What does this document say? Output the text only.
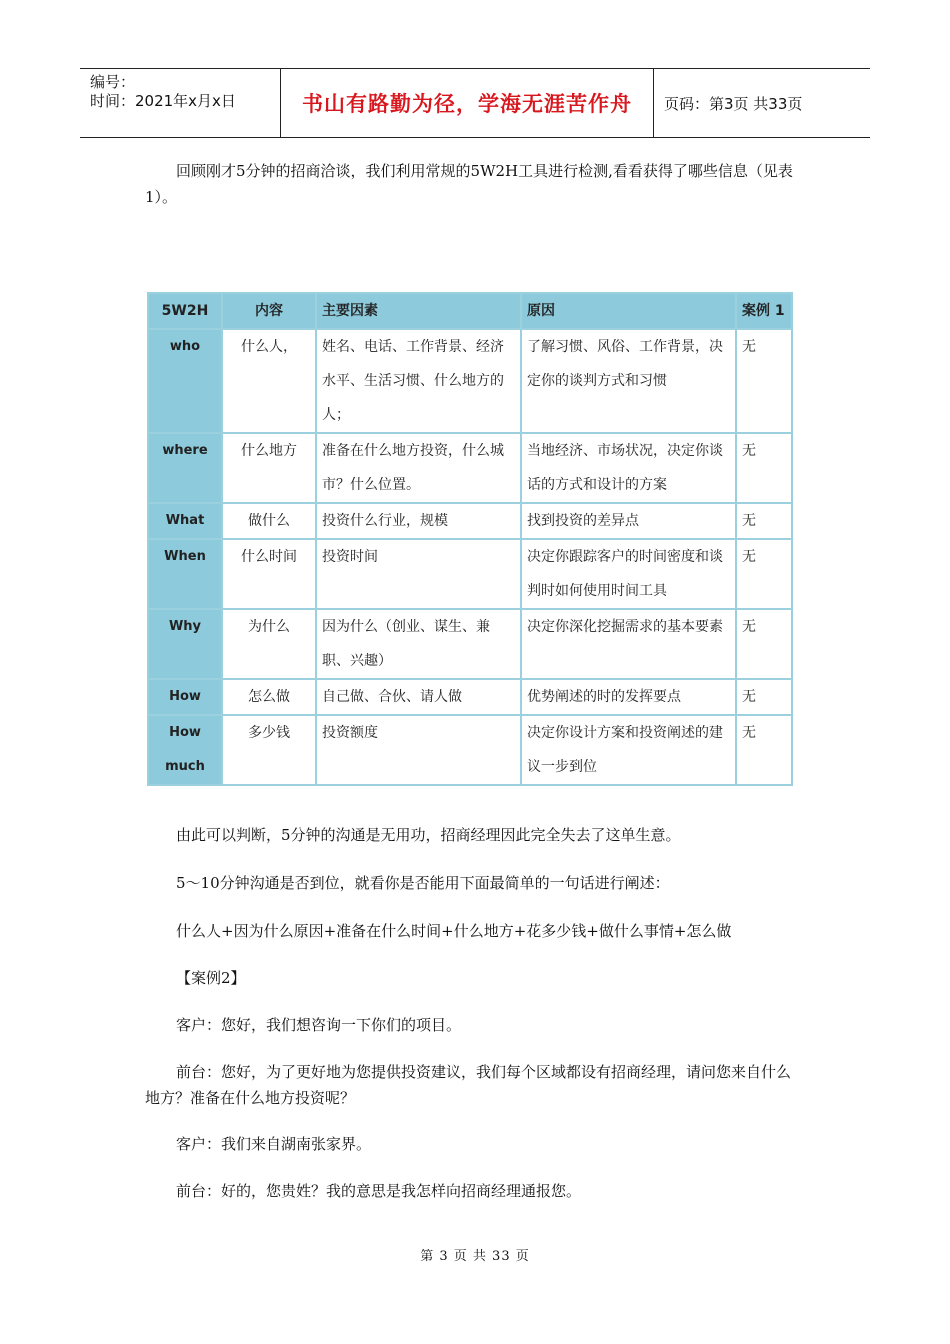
编号：
时间：2021年x月x日	书山有路勤为径，学海无涯苦作舟	页码：第3页 共33页

回顾刚才5分钟的招商洽谈，我们利用常规的5W2H工具进行检测,看看获得了哪些信息（见表1）。

5W2H	内容	主要因素	原因	案例 1
who	什么人，	姓名、电话、工作背景、经济水平、生活习惯、什么地方的人；	了解习惯、风俗、工作背景，决定你的谈判方式和习惯	无
where	什么地方	准备在什么地方投资，什么城市？什么位置。	当地经济、市场状况，决定你谈话的方式和设计的方案	无
What	做什么	投资什么行业，规模	找到投资的差异点	无
When	什么时间	投资时间	决定你跟踪客户的时间密度和谈判时如何使用时间工具	无
Why	为什么	因为什么（创业、谋生、兼职、兴趣）	决定你深化挖掘需求的基本要素	无
How	怎么做	自己做、合伙、请人做	优势阐述的时的发挥要点	无
How much	多少钱	投资额度	决定你设计方案和投资阐述的建议一步到位	无

由此可以判断，5分钟的沟通是无用功，招商经理因此完全失去了这单生意。

5～10分钟沟通是否到位，就看你是否能用下面最简单的一句话进行阐述：

什么人+因为什么原因+准备在什么时间+什么地方+花多少钱+做什么事情+怎么做

【案例2】

客户：您好，我们想咨询一下你们的项目。

前台：您好，为了更好地为您提供投资建议，我们每个区域都设有招商经理，请问您来自什么地方？准备在什么地方投资呢？

客户：我们来自湖南张家界。

前台：好的，您贵姓？我的意思是我怎样向招商经理通报您。

第 3 页 共 33 页
